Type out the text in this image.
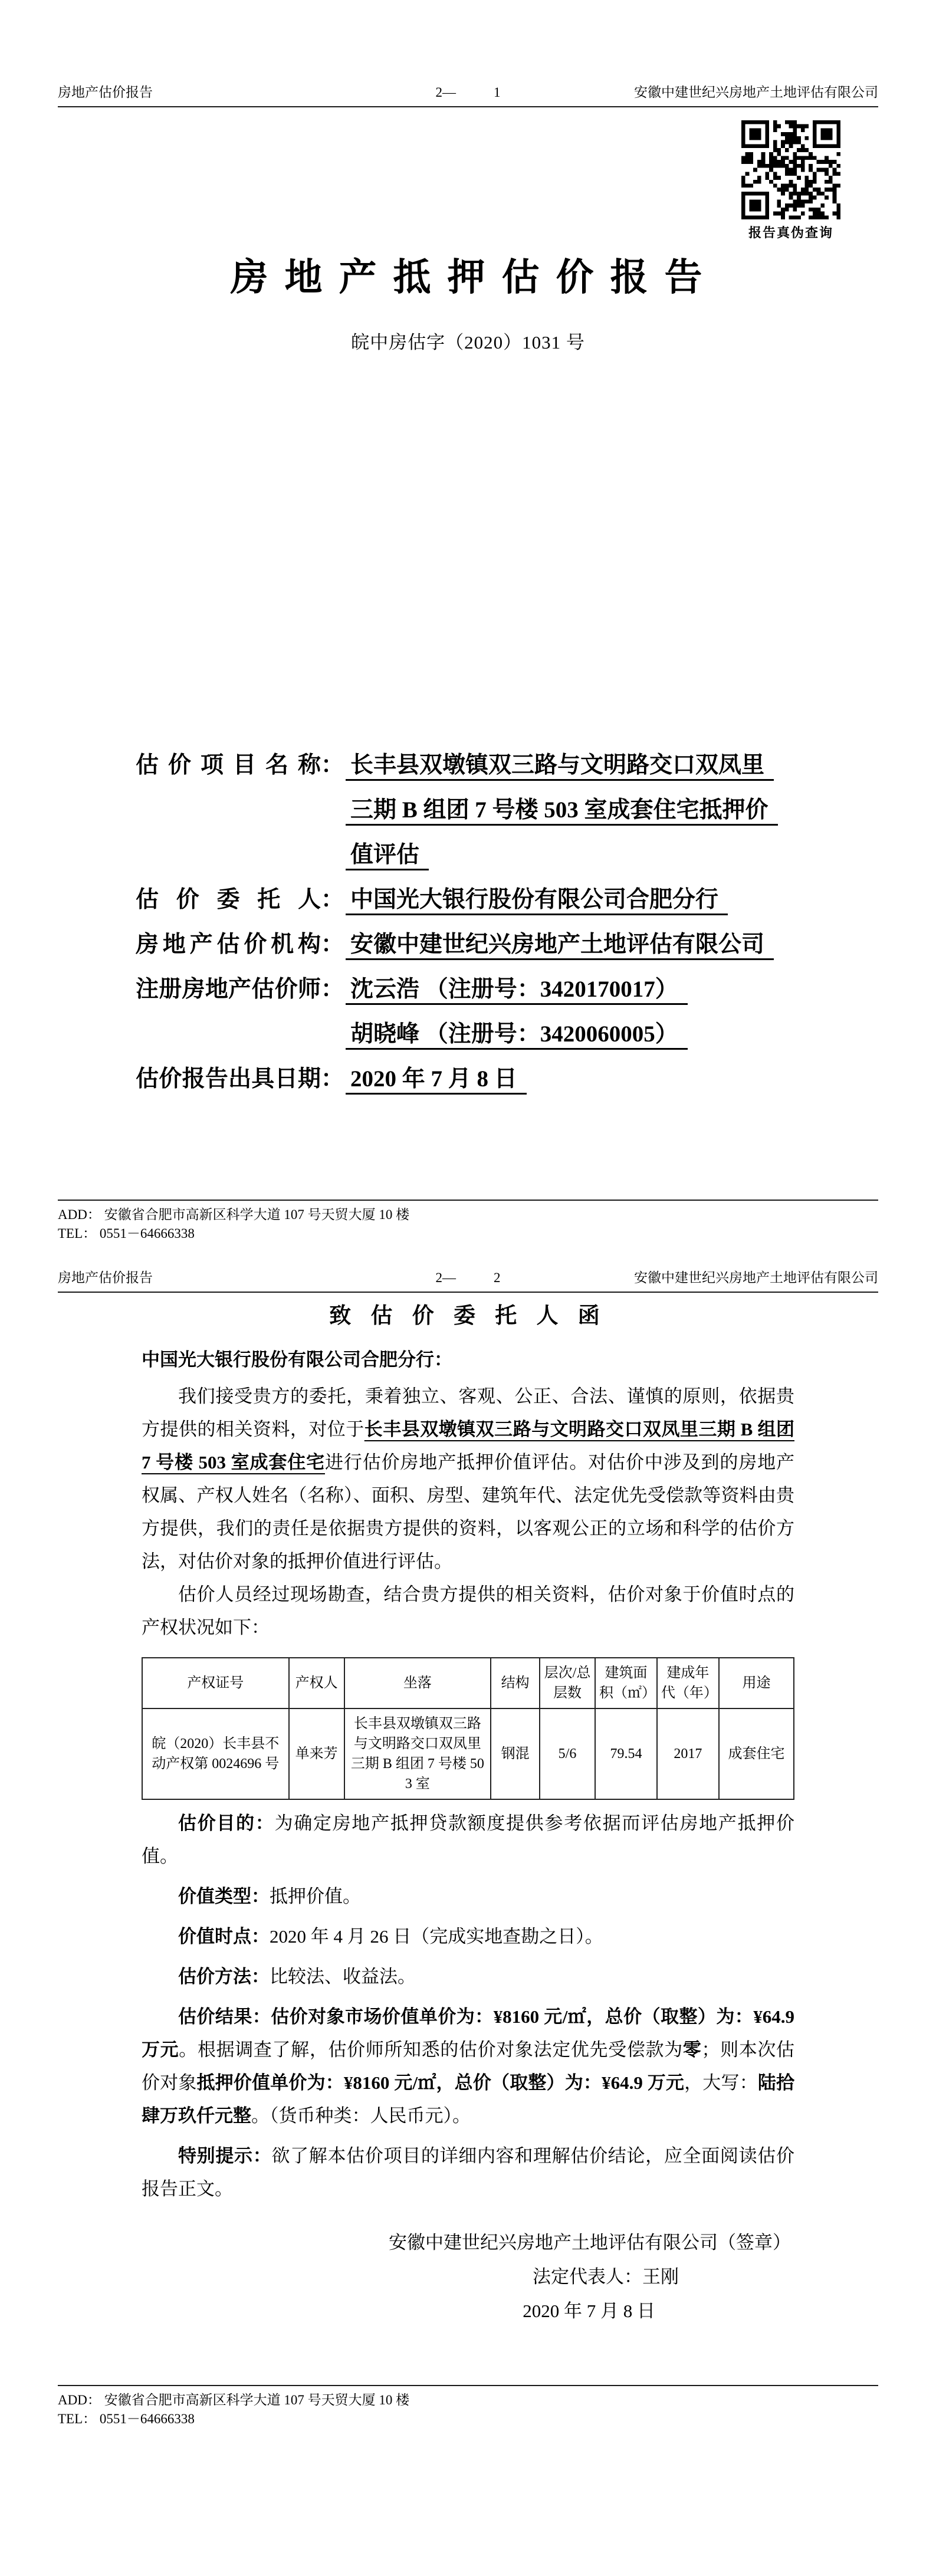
房地产估价报告	2—	1	安徽中建世纪兴房地产土地评估有限公司
报告真伪查询
房 地 产 抵 押 估 价 报 告
皖中房估字（2020）1031 号
估价项目名称： 长丰县双墩镇双三路与文明路交口双凤里
三期 B 组团 7 号楼 503 室成套住宅抵押价
值评估
估价委托人： 中国光大银行股份有限公司合肥分行
房地产估价机构： 安徽中建世纪兴房地产土地评估有限公司
注册房地产估价师： 沈云浩 （注册号：3420170017）
胡晓峰 （注册号：3420060005）
估价报告出具日期： 2020 年 7 月 8 日
ADD： 安徽省合肥市高新区科学大道 107 号天贸大厦 10 楼
TEL： 0551－64666338
房地产估价报告	2—	2	安徽中建世纪兴房地产土地评估有限公司
致 估 价 委 托 人 函
中国光大银行股份有限公司合肥分行：

我们接受贵方的委托，秉着独立、客观、公正、合法、谨慎的原则，依据贵方提供的相关资料，对位于长丰县双墩镇双三路与文明路交口双凤里三期 B 组团 7 号楼 503 室成套住宅进行估价房地产抵押价值评估。对估价中涉及到的房地产权属、产权人姓名（名称）、面积、房型、建筑年代、法定优先受偿款等资料由贵方提供，我们的责任是依据贵方提供的资料，以客观公正的立场和科学的估价方法，对估价对象的抵押价值进行评估。

估价人员经过现场勘查，结合贵方提供的相关资料，估价对象于价值时点的产权状况如下：

产权证号	产权人	坐落	结构	层次/总层数	建筑面积（㎡）	建成年代（年）	用途
皖（2020）长丰县不动产权第 0024696 号	单来芳	长丰县双墩镇双三路与文明路交口双凤里三期 B 组团 7 号楼 503 室	钢混	5/6	79.54	2017	成套住宅

估价目的：为确定房地产抵押贷款额度提供参考依据而评估房地产抵押价值。

价值类型：抵押价值。

价值时点：2020 年 4 月 26 日（完成实地查勘之日）。

估价方法：比较法、收益法。

估价结果：估价对象市场价值单价为：¥8160 元/㎡，总价（取整）为：¥64.9 万元。根据调查了解，估价师所知悉的估价对象法定优先受偿款为零；则本次估价对象抵押价值单价为：¥8160 元/㎡，总价（取整）为：¥64.9 万元，大写：陆拾肆万玖仟元整。（货币种类：人民币元）。

特别提示：欲了解本估价项目的详细内容和理解估价结论，应全面阅读估价报告正文。

安徽中建世纪兴房地产土地评估有限公司（签章）
法定代表人：王刚
2020 年 7 月 8 日
ADD： 安徽省合肥市高新区科学大道 107 号天贸大厦 10 楼
TEL： 0551－64666338
